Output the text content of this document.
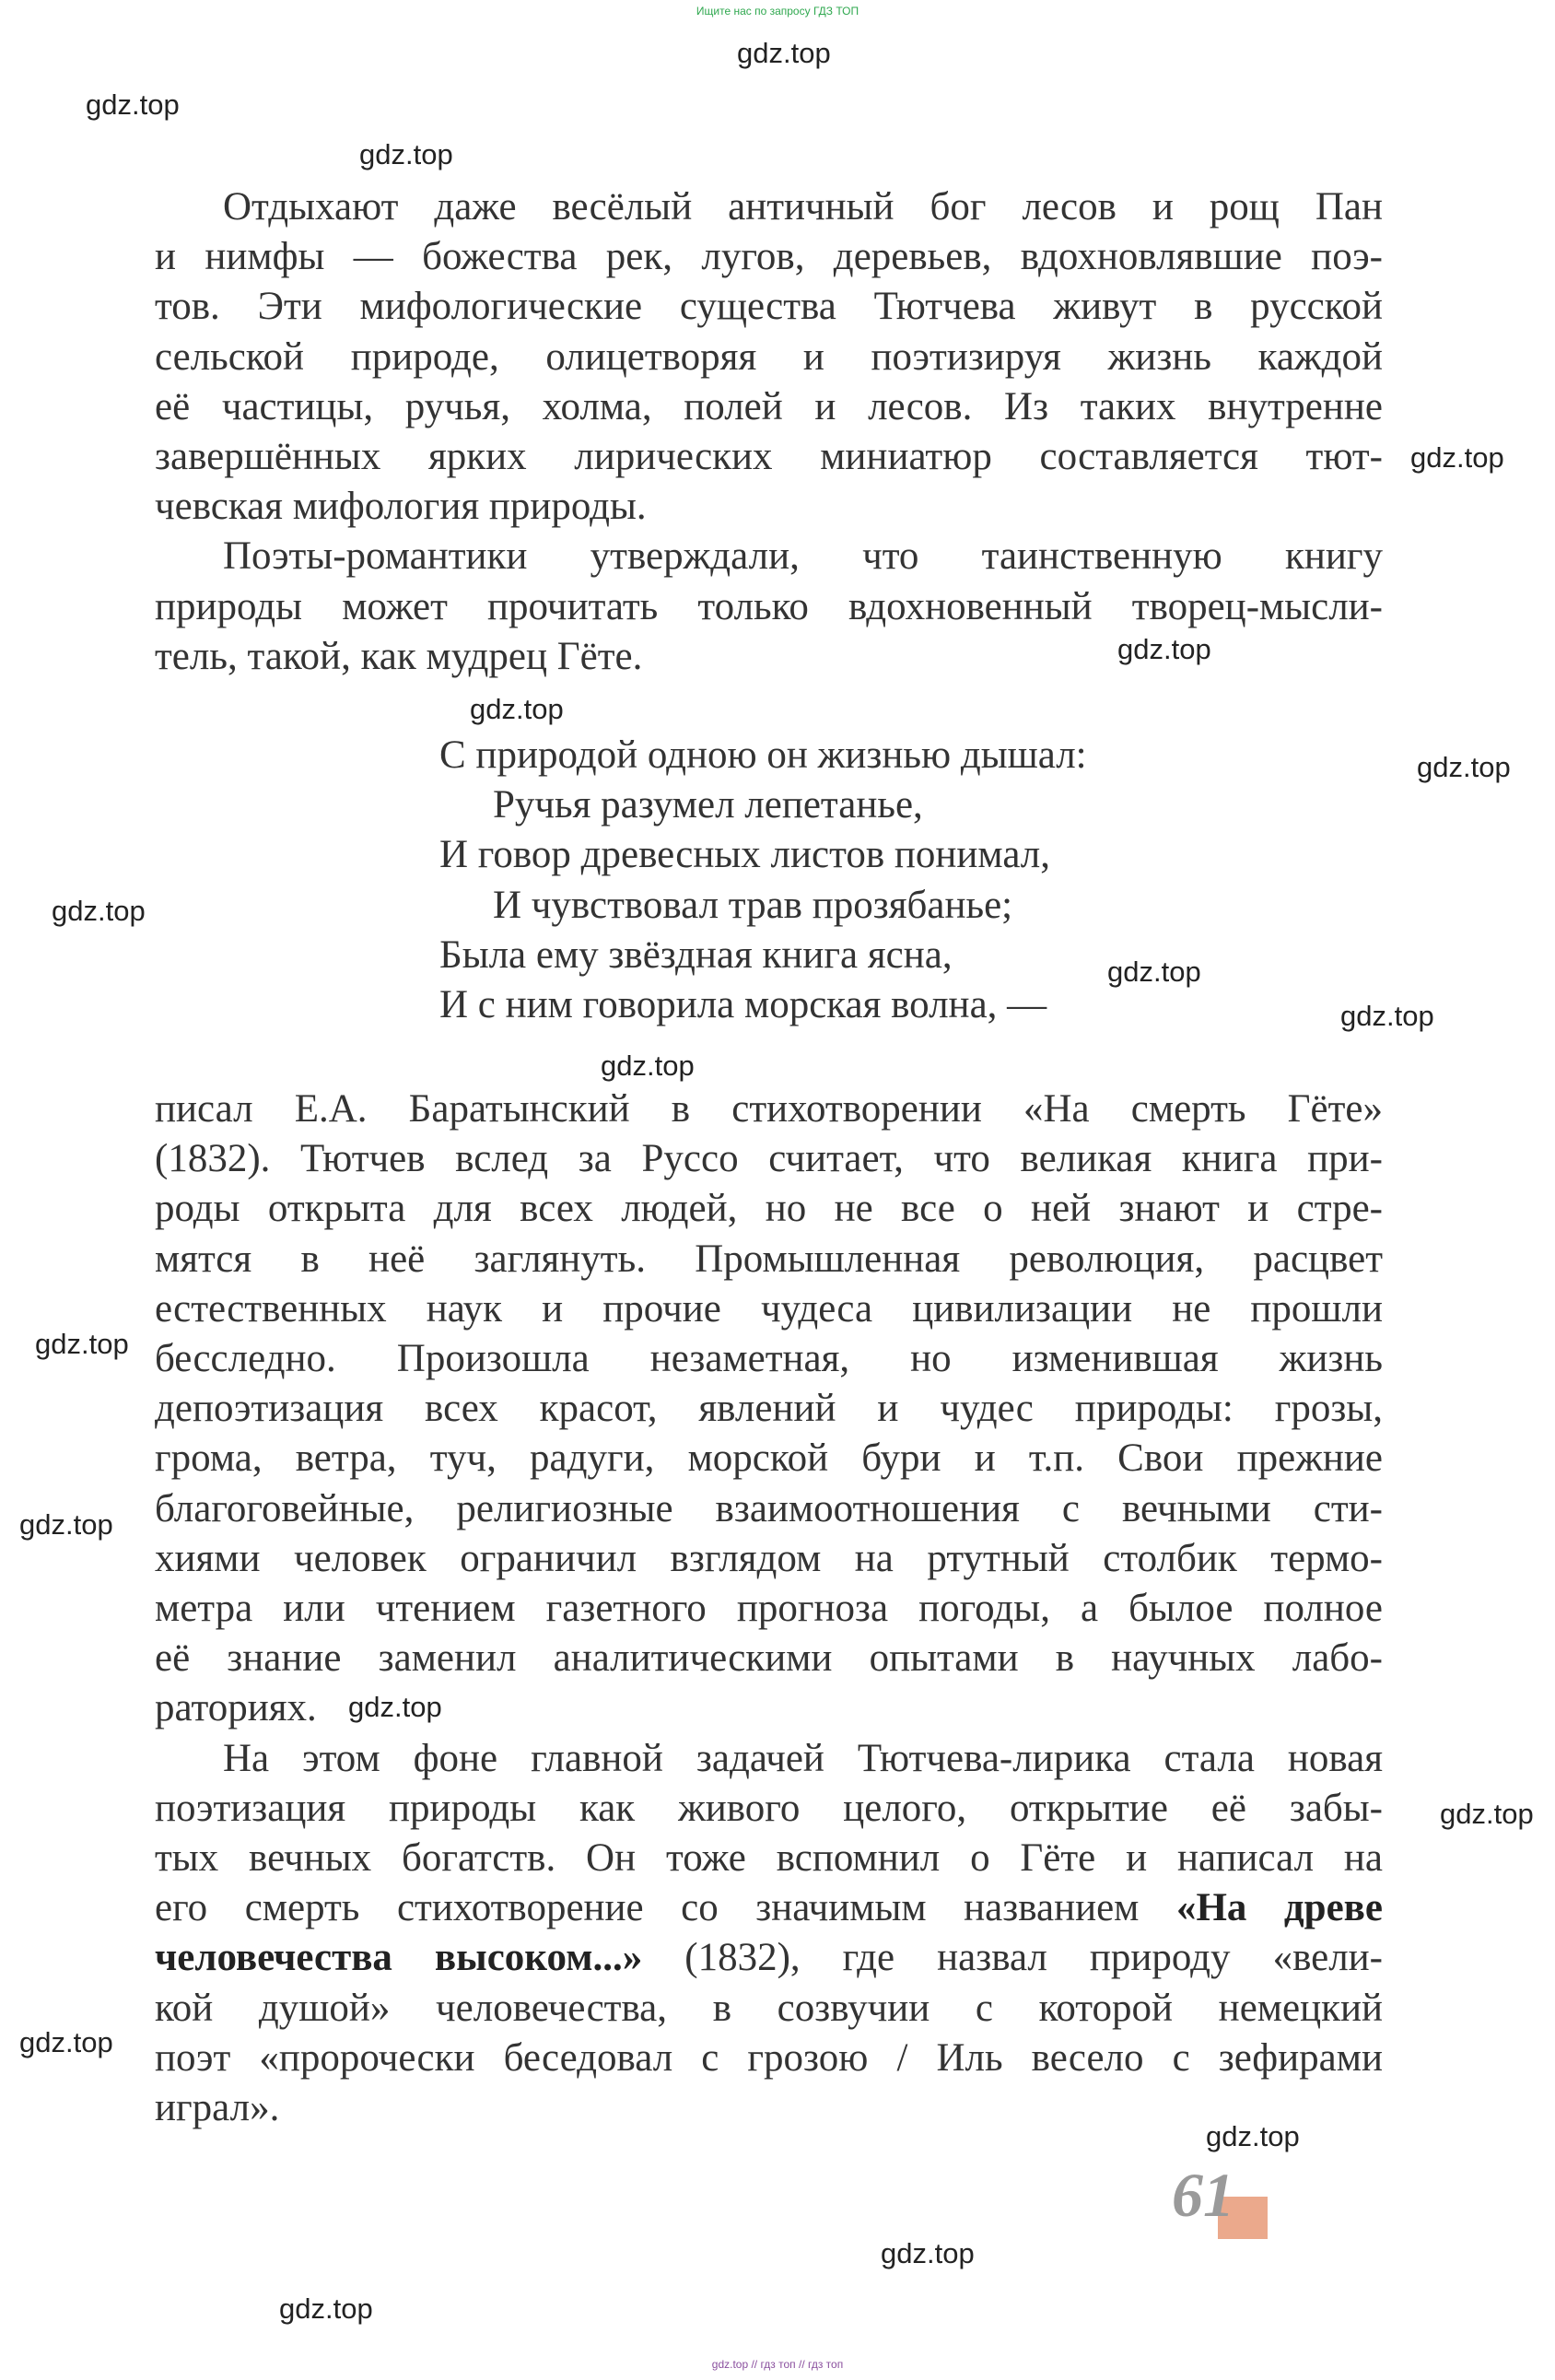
Ищите нас по запросу ГДЗ ТОП

Отдыхают даже весёлый античный бог лесов и рощ Пан
и нимфы — божества рек, лугов, деревьев, вдохновлявшие поэ-
тов. Эти мифологические существа Тютчева живут в русской
сельской природе, олицетворяя и поэтизируя жизнь каждой
её частицы, ручья, холма, полей и лесов. Из таких внутренне
завершённых ярких лирических миниатюр составляется тют-
чевская мифология природы.

Поэты-романтики утверждали, что таинственную книгу
природы может прочитать только вдохновенный творец-мысли-
тель, такой, как мудрец Гёте.

С природой одною он жизнью дышал:
Ручья разумел лепетанье,
И говор древесных листов понимал,
И чувствовал трав прозябанье;
Была ему звёздная книга ясна,
И с ним говорила морская волна, —

писал Е.А. Баратынский в стихотворении «На смерть Гёте»
(1832). Тютчев вслед за Руссо считает, что великая книга при-
роды открыта для всех людей, но не все о ней знают и стре-
мятся в неё заглянуть. Промышленная революция, расцвет
естественных наук и прочие чудеса цивилизации не прошли
бесследно. Произошла незаметная, но изменившая жизнь
депоэтизация всех красот, явлений и чудес природы: грозы,
грома, ветра, туч, радуги, морской бури и т.п. Свои прежние
благоговейные, религиозные взаимоотношения с вечными сти-
хиями человек ограничил взглядом на ртутный столбик термо-
метра или чтением газетного прогноза погоды, а былое полное
её знание заменил аналитическими опытами в научных лабо-
раториях.

На этом фоне главной задачей Тютчева-лирика стала новая
поэтизация природы как живого целого, открытие её забы-
тых вечных богатств. Он тоже вспомнил о Гёте и написал на
его смерть стихотворение со значимым названием «На древе
человечества высоком...» (1832), где назвал природу «вели-
кой душой» человечества, в созвучии с которой немецкий
поэт «пророчески беседовал с грозою / Иль весело с зефирами
играл».

61
gdz.top
gdz.top
gdz.top
gdz.top
gdz.top
gdz.top
gdz.top
gdz.top
gdz.top
gdz.top
gdz.top
gdz.top
gdz.top
gdz.top
gdz.top
gdz.top
gdz.top
gdz.top
gdz.top
gdz.top // гдз топ // гдз топ
